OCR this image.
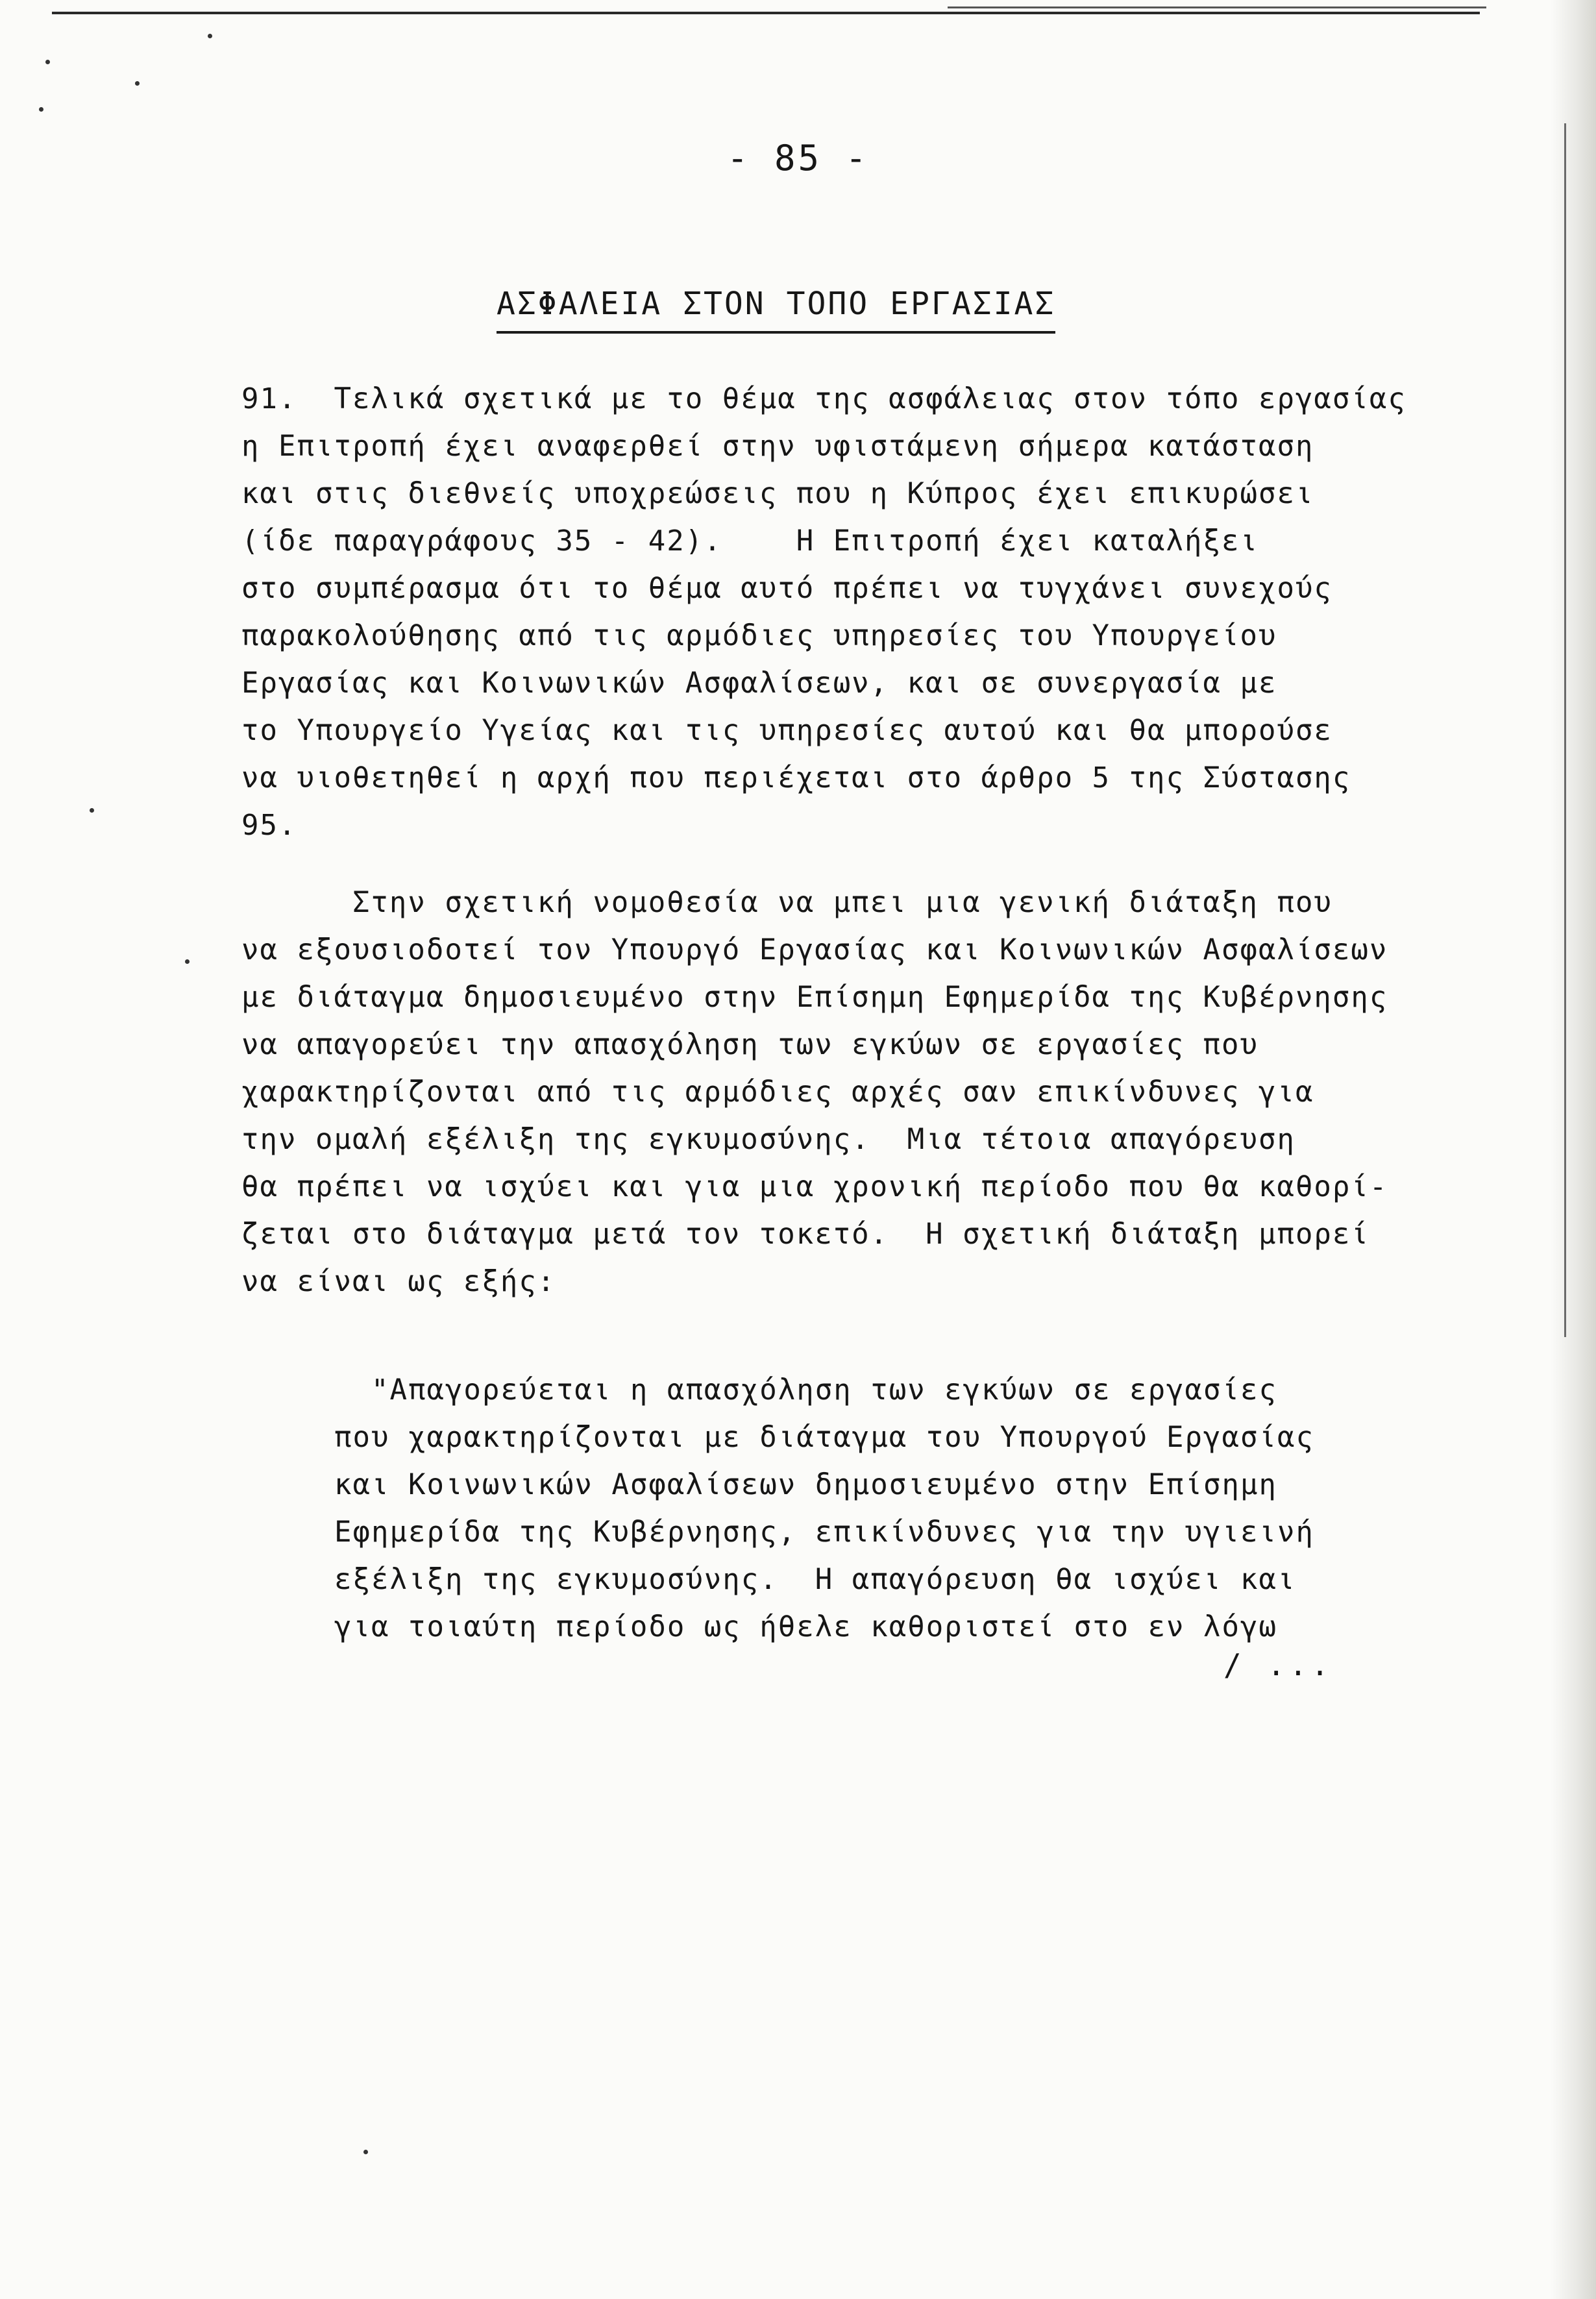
- 85 -
ΑΣΦΑΛΕΙΑ ΣΤΟΝ ΤΟΠΟ ΕΡΓΑΣΙΑΣ
91.  Τελικά σχετικά με το θέμα της ασφάλειας στον τόπο εργασίας
η Επιτροπή έχει αναφερθεί στην υφιστάμενη σήμερα κατάσταση
και στις διεθνείς υποχρεώσεις που η Κύπρος έχει επικυρώσει
(ίδε παραγράφους 35 - 42).    Η Επιτροπή έχει καταλήξει
στο συμπέρασμα ότι το θέμα αυτό πρέπει να τυγχάνει συνεχούς
παρακολούθησης από τις αρμόδιες υπηρεσίες του Υπουργείου
Εργασίας και Κοινωνικών Ασφαλίσεων, και σε συνεργασία με
το Υπουργείο Υγείας και τις υπηρεσίες αυτού και θα μπορούσε
να υιοθετηθεί η αρχή που περιέχεται στο άρθρο 5 της Σύστασης
95.
Στην σχετική νομοθεσία να μπει μια γενική διάταξη που
να εξουσιοδοτεί τον Υπουργό Εργασίας και Κοινωνικών Ασφαλίσεων
με διάταγμα δημοσιευμένο στην Επίσημη Εφημερίδα της Κυβέρνησης
να απαγορεύει την απασχόληση των εγκύων σε εργασίες που
χαρακτηρίζονται από τις αρμόδιες αρχές σαν επικίνδυνες για
την ομαλή εξέλιξη της εγκυμοσύνης.  Μια τέτοια απαγόρευση
θα πρέπει να ισχύει και για μια χρονική περίοδο που θα καθορί-
ζεται στο διάταγμα μετά τον τοκετό.  Η σχετική διάταξη μπορεί
να είναι ως εξής:
"Απαγορεύεται η απασχόληση των εγκύων σε εργασίες
που χαρακτηρίζονται με διάταγμα του Υπουργού Εργασίας
και Κοινωνικών Ασφαλίσεων δημοσιευμένο στην Επίσημη
Εφημερίδα της Κυβέρνησης, επικίνδυνες για την υγιεινή
εξέλιξη της εγκυμοσύνης.  Η απαγόρευση θα ισχύει και
για τοιαύτη περίοδο ως ήθελε καθοριστεί στο εν λόγω
/ ...
